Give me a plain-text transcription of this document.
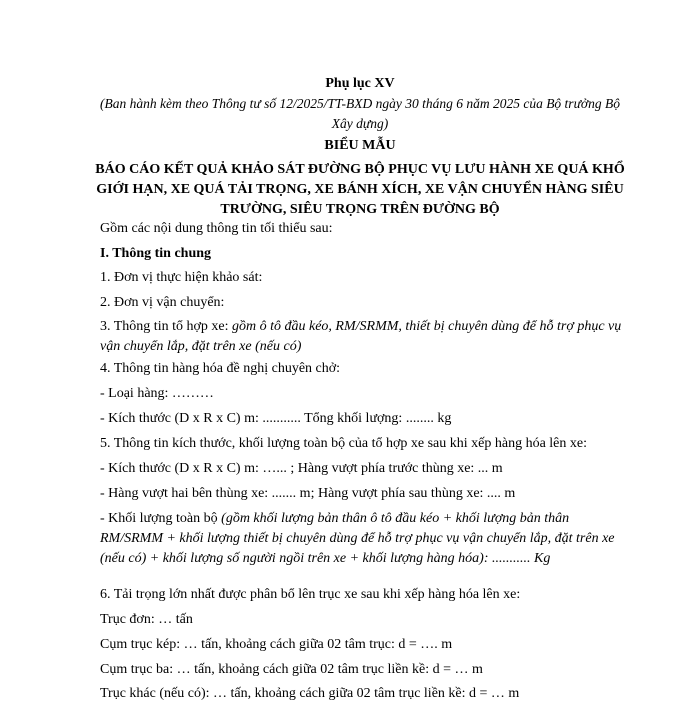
Phụ lục XV
(Ban hành kèm theo Thông tư số 12/2025/TT-BXD ngày 30 tháng 6 năm 2025 của Bộ trưởng Bộ Xây dựng)
BIỂU MẪU
BÁO CÁO KẾT QUẢ KHẢO SÁT ĐƯỜNG BỘ PHỤC VỤ LƯU HÀNH XE QUÁ KHỔ GIỚI HẠN, XE QUÁ TẢI TRỌNG, XE BÁNH XÍCH, XE VẬN CHUYỂN HÀNG SIÊU TRƯỜNG, SIÊU TRỌNG TRÊN ĐƯỜNG BỘ
Gồm các nội dung thông tin tối thiểu sau:
I. Thông tin chung
1. Đơn vị thực hiện khảo sát:
2. Đơn vị vận chuyển:
3. Thông tin tổ hợp xe: gồm ô tô đầu kéo, RM/SRMM, thiết bị chuyên dùng để hỗ trợ phục vụ vận chuyển lắp, đặt trên xe (nếu có)
4. Thông tin hàng hóa đề nghị chuyên chở:
- Loại hàng: ………
- Kích thước (D x R x C) m: ........... Tổng khối lượng: ........ kg
5. Thông tin kích thước, khối lượng toàn bộ của tổ hợp xe sau khi xếp hàng hóa lên xe:
- Kích thước (D x R x C) m: …... ; Hàng vượt phía trước thùng xe: ... m
- Hàng vượt hai bên thùng xe: ....... m; Hàng vượt phía sau thùng xe: .... m
- Khối lượng toàn bộ (gồm khối lượng bản thân ô tô đầu kéo + khối lượng bản thân RM/SRMM + khối lượng thiết bị chuyên dùng để hỗ trợ phục vụ vận chuyển lắp, đặt trên xe (nếu có) + khối lượng số người ngồi trên xe + khối lượng hàng hóa): ........... Kg
6. Tải trọng lớn nhất được phân bổ lên trục xe sau khi xếp hàng hóa lên xe:
Trục đơn: … tấn
Cụm trục kép: … tấn, khoảng cách giữa 02 tâm trục: d = …. m
Cụm trục ba: … tấn, khoảng cách giữa 02 tâm trục liền kề: d = … m
Trục khác (nếu có): … tấn, khoảng cách giữa 02 tâm trục liền kề: d = … m
